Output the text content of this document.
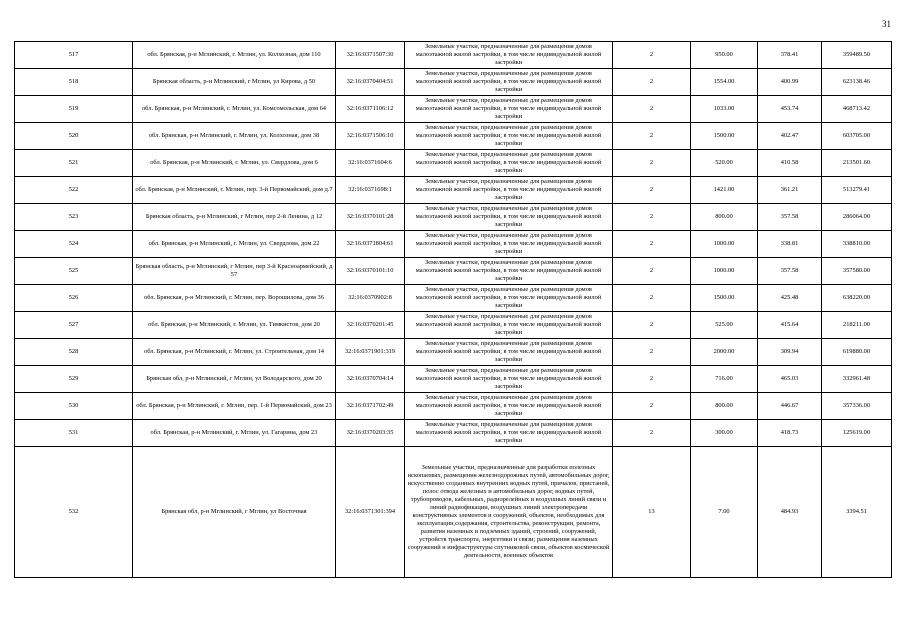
31
517	обл. Брянская, р-н Мглинский, г. Мглин, ул. Колхозная, дом 110	32:16:0371507:30	Земельные участки, предназначенные для размещения домов малоэтажной жилой застройки, в том числе индивидуальной жилой застройки	2	950.00	378.41	359489.50
518	Брянская область, р-н Мглинский, г Мглин, ул Кирова, д 50	32:16:0370404:51	Земельные участки, предназначенные для размещения домов малоэтажной жилой застройки, в том числе индивидуальной жилой застройки	2	1554.00	400.99	623138.46
519	обл. Брянская, р-н Мглинский, г. Мглин, ул. Комсомольская, дом 64	32:16:0371106:12	Земельные участки, предназначенные для размещения домов малоэтажной жилой застройки, в том числе индивидуальной жилой застройки	2	1033.00	453.74	468713.42
520	обл. Брянская, р-н Мглинский, г. Мглин, ул. Колхозная, дом 38	32:16:0371506:10	Земельные участки, предназначенные для размещения домов малоэтажной жилой застройки, в том числе индивидуальной жилой застройки	2	1500.00	402.47	603705.00
521	обл. Брянская, р-н Мглинский, г. Мглин, ул. Свердлова, дом 6	32:16:0371604:6	Земельные участки, предназначенные для размещения домов малоэтажной жилой застройки, в том числе индивидуальной жилой застройки	2	520.00	410.58	213501.60
522	обл. Брянская, р-н Мглинский, г. Мглин, пер. 3-й Первомайский, дом д.7	32:16:0371698:1	Земельные участки, предназначенные для размещения домов малоэтажной жилой застройки, в том числе индивидуальной жилой застройки	2	1421.00	361.21	513279.41
523	Брянская область, р-н Мглинский, г Мглин, пер 2-й Ленина, д 12	32:16:0370101:28	Земельные участки, предназначенные для размещения домов малоэтажной жилой застройки, в том числе индивидуальной жилой застройки	2	800.00	357.58	286064.00
524	обл. Брянская, р-н Мглинский, г. Мглин, ул. Свердлова, дом 22	32:16:0371804:61	Земельные участки, предназначенные для размещения домов малоэтажной жилой застройки, в том числе индивидуальной жилой застройки	2	1000.00	338.81	338810.00
525	Брянская область, р-н Мглинский, г Мглин, пер 3-й Красноармейский, д 57	32:16:0370101:10	Земельные участки, предназначенные для размещения домов малоэтажной жилой застройки, в том числе индивидуальной жилой застройки	2	1000.00	357.58	357580.00
526	обл. Брянская, р-н Мглинский, г. Мглин, пер. Ворошилова, дом 36	32:16:0370902:8	Земельные участки, предназначенные для размещения домов малоэтажной жилой застройки, в том числе индивидуальной жилой застройки	2	1500.00	425.48	638220.00
527	обл. Брянская, р-н Мглинский, г. Мглин, ул. Тимкистов, дом 20	32:16:0370201:45	Земельные участки, предназначенные для размещения домов малоэтажной жилой застройки, в том числе индивидуальной жилой застройки	2	525.00	415.64	218211.00
528	обл. Брянская, р-н Мглинский, г. Мглин, ул. Строительная, дом 14	32:16:0371901:319	Земельные участки, предназначенные для размещения домов малоэтажной жилой застройки, в том числе индивидуальной жилой застройки	2	2000.00	309.94	619880.00
529	Брянская обл, р-н Мглинский, г Мглин, ул Володарского, дом 20	32:16:0370704:14	Земельные участки, предназначенные для размещения домов малоэтажной жилой застройки, в том числе индивидуальной жилой застройки	2	716.00	465.03	332961.48
530	обл. Брянская, р-н Мглинский, г. Мглин, пер. 1-й Первомайский, дом 23	32:16:0371702:49	Земельные участки, предназначенные для размещения домов малоэтажной жилой застройки, в том числе индивидуальной жилой застройки	2	800.00	446.67	357336.00
531	обл. Брянская, р-н Мглинский, г. Мглин, ул. Гагарина, дом 23	32:16:0370203:35	Земельные участки, предназначенные для размещения домов малоэтажной жилой застройки, в том числе индивидуальной жилой застройки	2	300.00	418.73	125619.00
532	Брянская обл, р-н Мглинский, г Мглин, ул Восточная	32:16:0371301:394	Земельные участки, предназначенные для разработки полезных ископаемых, размещения железнодорожных путей, автомобильных дорог, искусственно созданных внутренних водных путей, причалов, пристаней, полос отвода железных и автомобильных дорог, водных путей, трубопроводов, кабельных, радиорелейных и воздушных линий связи и линий радиофикации, воздушных линий электропередачи конструктивных элементов и сооружений, объектов, необходимых для эксплуатации,содержания, строительства, реконструкции, ремонта, развития наземных и подземных зданий, строений, сооружений, устройств транспорта, энергетики и связи; размещения наземных сооружений и инфраструктуры спутниковой связи, объектов космической деятельности, военных объектов	13	7.00	484.93	3394.51
